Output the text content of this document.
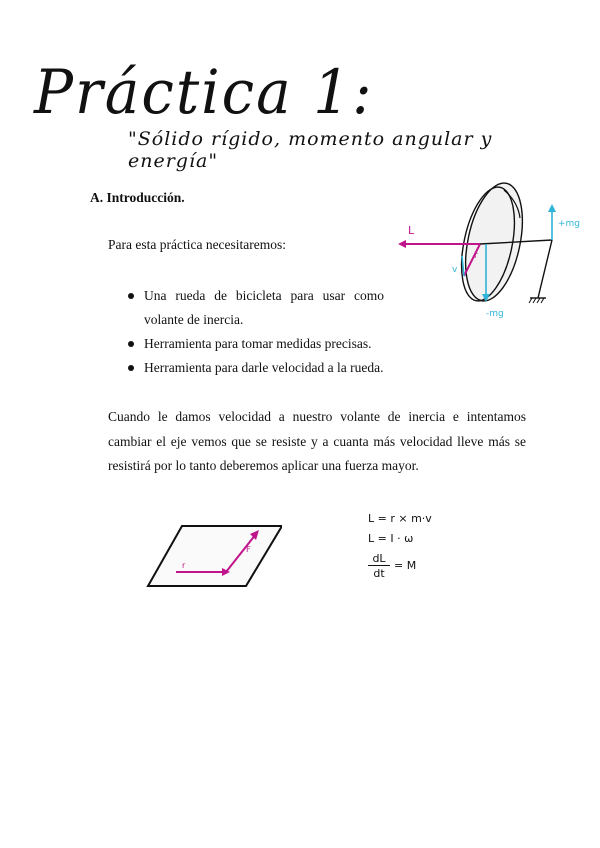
Práctica 1:
"Sólido rígido, momento angular y energía"
A. Introducción.
Para esta práctica necesitaremos:
Una rueda de bicicleta para usar como volante de inercia.
Herramienta para tomar medidas precisas.
Herramienta para darle velocidad a la rueda.
Cuando le damos velocidad a nuestro volante de inercia e intentamos cambiar el eje vemos que se resiste y a cuanta más velocidad lleve más se resistirá por lo tanto deberemos aplicar una fuerza mayor.
L
r
v
+mg
-mg
r
F
L = r × m·v
L = I · ω
dL
dt
= M
